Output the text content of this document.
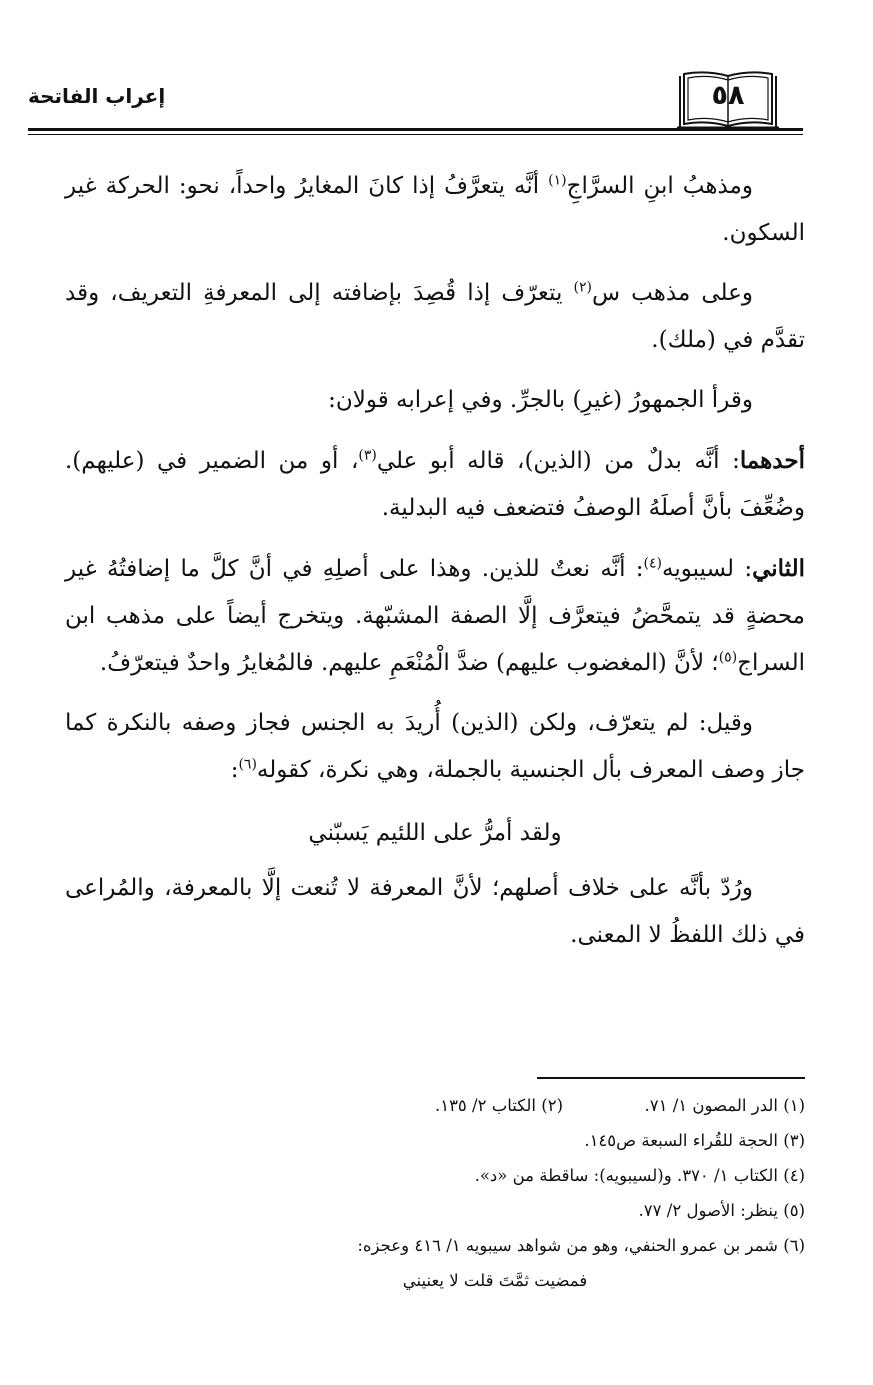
إعراب الفاتحة	٥٨

ومذهبُ ابنِ السرَّاجِ$^{(١)}$ أنَّه يتعرَّفُ إذا كانَ المغايرُ واحداً، نحو: الحركة غير السكون.

وعلى مذهب س$^{(٢)}$ يتعرّف إذا قُصِدَ بإضافته إلى المعرفةِ التعريف، وقد تقدَّم في (ملك).

وقرأ الجمهورُ (غيرِ) بالجرِّ. وفي إعرابه قولان:

أحدهما: أنَّه بدلٌ من (الذين)، قاله أبو علي$^{(٣)}$، أو من الضمير في (عليهم). وضُعِّفَ بأنَّ أصلَهُ الوصفُ فتضعف فيه البدلية.

الثاني: لسيبويه$^{(٤)}$: أنَّه نعتٌ للذين. وهذا على أصلِهِ في أنَّ كلَّ ما إضافتُهُ غير محضةٍ قد يتمحَّضُ فيتعرَّف إلَّا الصفة المشبّهة. ويتخرج أيضاً على مذهب ابن السراج$^{(٥)}$؛ لأنَّ (المغضوب عليهم) ضدَّ الْمُنْعَمِ عليهم. فالمُغايرُ واحدٌ فيتعرّفُ.

وقيل: لم يتعرّف، ولكن (الذين) أُريدَ به الجنس فجاز وصفه بالنكرة كما جاز وصف المعرف بأل الجنسية بالجملة، وهي نكرة، كقوله$^{(٦)}$:

ولقد أمرُّ على اللئيم يَسبّني

ورُدّ بأنَّه على خلاف أصلهم؛ لأنَّ المعرفة لا تُنعت إلَّا بالمعرفة، والمُراعى في ذلك اللفظُ لا المعنى.

(١) الدر المصون ١/ ٧١.
(٢) الكتاب ٢/ ١٣٥.
(٣) الحجة للقُراء السبعة ص١٤٥.
(٤) الكتاب ١/ ٣٧٠. و(لسيبويه): ساقطة من «د».
(٥) ينظر: الأصول ٢/ ٧٧.
(٦) شمر بن عمرو الحنفي، وهو من شواهد سيبويه ١/ ٤١٦ وعجزه:
فمضيت ثمَّتَ قلت لا يعنيني
